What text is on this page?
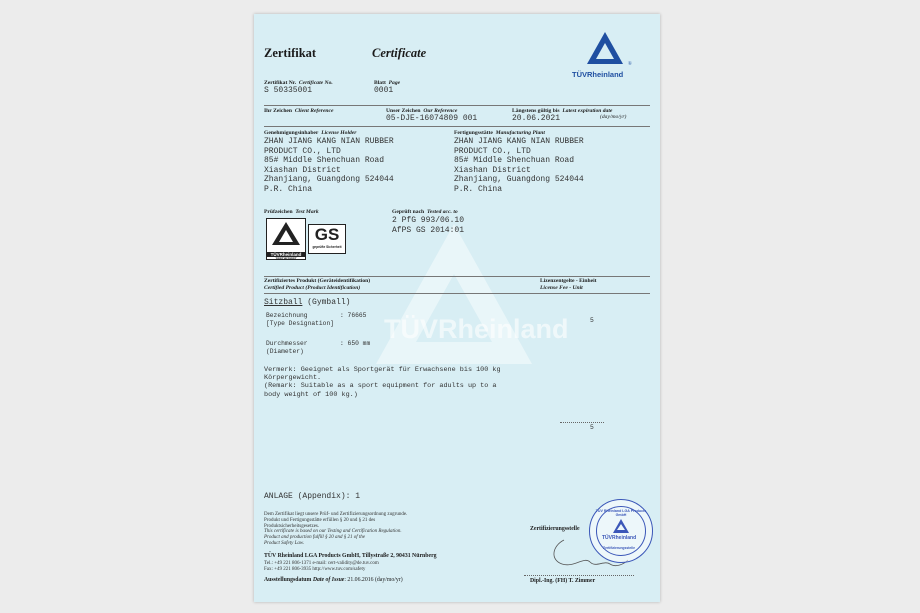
TÜVRheinland
Zertifikat	Certificate
TÜVRheinland
®
Zertifikat Nr. Certificate No.
S 50335001
Blatt Page
0001
Ihr Zeichen Client Reference	Unser Zeichen Our Reference
05-DJE-16074809 001
Längstens gültig bis Latest expiration date
(day/mo/yr)
20.06.2021
Genehmigungsinhaber License Holder
ZHAN JIANG KANG NIAN RUBBER
PRODUCT CO., LTD
85# Middle Shenchuan Road
Xiashan District
Zhanjiang, Guangdong 524044
P.R. China
Fertigungsstätte Manufacturing Plant
ZHAN JIANG KANG NIAN RUBBER
PRODUCT CO., LTD
85# Middle Shenchuan Road
Xiashan District
Zhanjiang, Guangdong 524044
P.R. China
Prüfzeichen Test Mark
TÜVRheinland
ZERTIFIZIERT
GS
geprüfte Sicherheit
Geprüft nach Tested acc. to
2 PfG 993/06.10
AfPS GS 2014:01
Zertifiziertes Produkt (Geräteidentifikation)
Certified Product (Product Identification)
Lizenzentgelte - Einheit
License Fee - Unit
Sitzball (Gymball)
Bezeichnung
[Type Designation]
: 76665
5
Durchmesser
(Diameter)
: 650 mm
Vermerk: Geeignet als Sportgerät für Erwachsene bis 100 kg
Körpergewicht.
(Remark: Suitable as a sport equipment for adults up to a
body weight of 100 kg.)
5
ANLAGE (Appendix): 1
Dem Zertifikat liegt unsere Prüf- und Zertifizierungsordnung zugrunde.
Produkt und Fertigungsstätte erfüllen § 20 und § 21 des
Produktsicherheitsgesetzes.
This certificate is based on our Testing and Certification Regulation.
Product and production fulfill § 20 and § 21 of the
Product Safety Law.
TÜV Rheinland LGA Products GmbH, Tillystraße 2, 90431 Nürnberg
Tel.: +49 221 806-1371 e-mail: cert-validity@de.tuv.com
Fax: +49 221 806-3935 http://www.tuv.com/safety
Ausstellungsdatum Date of Issue: 21.06.2016 (day/mo/yr)
Zertifizierungsstelle
TÜV Rheinland LGA Products GmbH
TÜVRheinland
Zertifizierungsstelle
Dipl.-Ing. (FH) T. Zimmer
